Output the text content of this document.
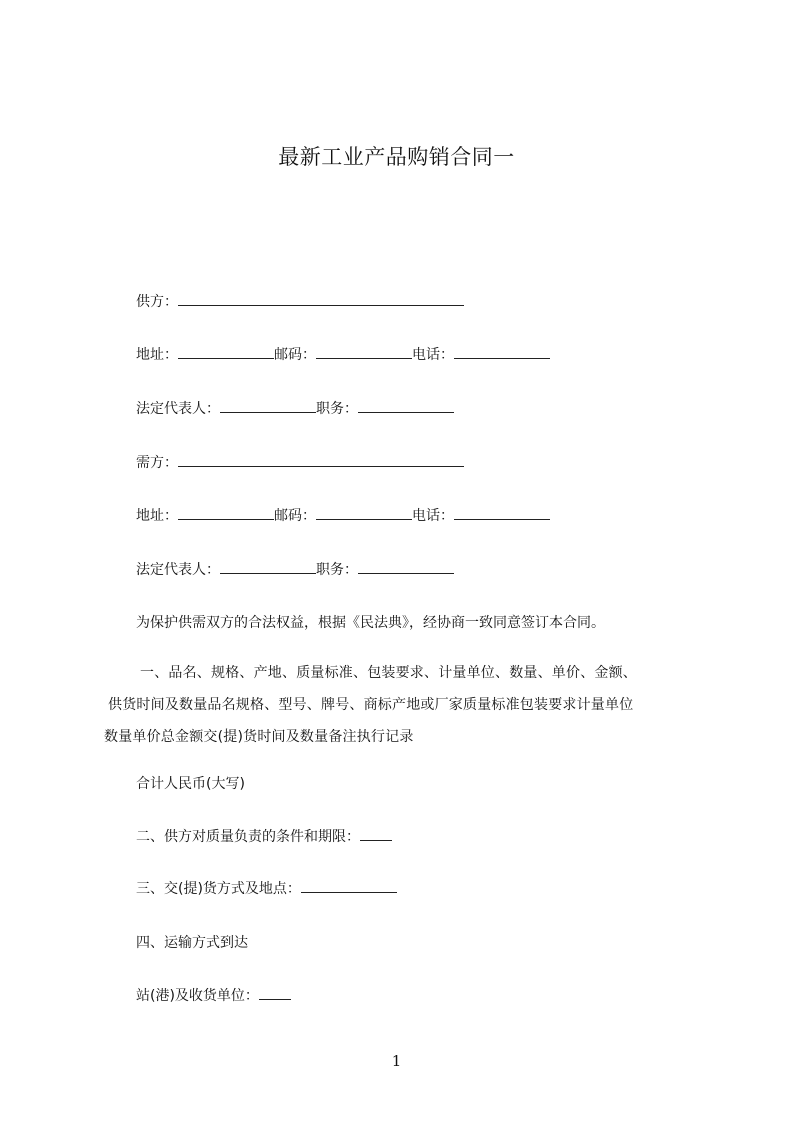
最新工业产品购销合同一
供方：
地址：	邮码：	电话：
法定代表人：	职务：
需方：
地址：	邮码：	电话：
法定代表人：	职务：
为保护供需双方的合法权益，根据《民法典》，经协商一致同意签订本合同。
一、品名、规格、产地、质量标准、包装要求、计量单位、数量、单价、金额、
供货时间及数量品名规格、型号、牌号、商标产地或厂家质量标准包装要求计量单位
数量单价总金额交(提)货时间及数量备注执行记录
合计人民币(大写)
二、供方对质量负责的条件和期限：
三、交(提)货方式及地点：
四、运输方式到达
站(港)及收货单位：
1
